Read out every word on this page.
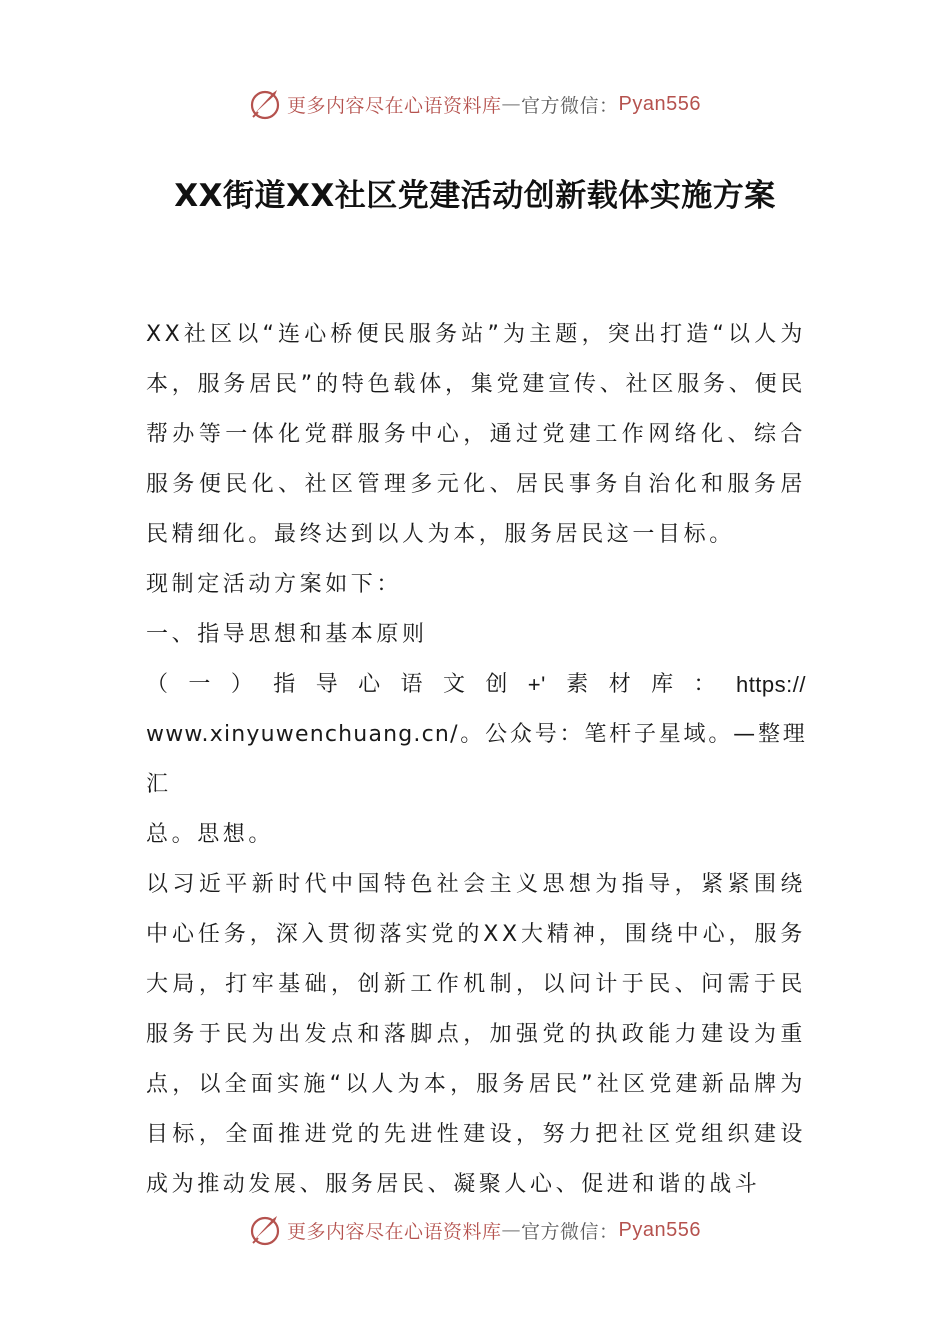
更多内容尽在心语资料库 — 官方微信： Pyan556
XX街道XX社区党建活动创新载体实施方案

XX社区以“连心桥便民服务站”为主题，突出打造“以人为本，服务居民”的特色载体，集党建宣传、社区服务、便民帮办等一体化党群服务中心，通过党建工作网络化、综合服务便民化、社区管理多元化、居民事务自治化和服务居民精细化。最终达到以人为本，服务居民这一目标。

现制定活动方案如下：

一、指导思想和基本原则

（ 一 ） 指 导 心 语 文 创 +' 素 材 库 ： https://

www.xinyuwenchuang.cn/。公众号：笔杆子星域。—整理汇

总。思想。

以习近平新时代中国特色社会主义思想为指导，紧紧围绕中心任务，深入贯彻落实党的XX大精神，围绕中心，服务大局，打牢基础，创新工作机制，以问计于民、问需于民服务于民为出发点和落脚点，加强党的执政能力建设为重点，以全面实施“以人为本，服务居民”社区党建新品牌为目标，全面推进党的先进性建设，努力把社区党组织建设成为推动发展、服务居民、凝聚人心、促进和谐的战斗

更多内容尽在心语资料库 — 官方微信： Pyan556
